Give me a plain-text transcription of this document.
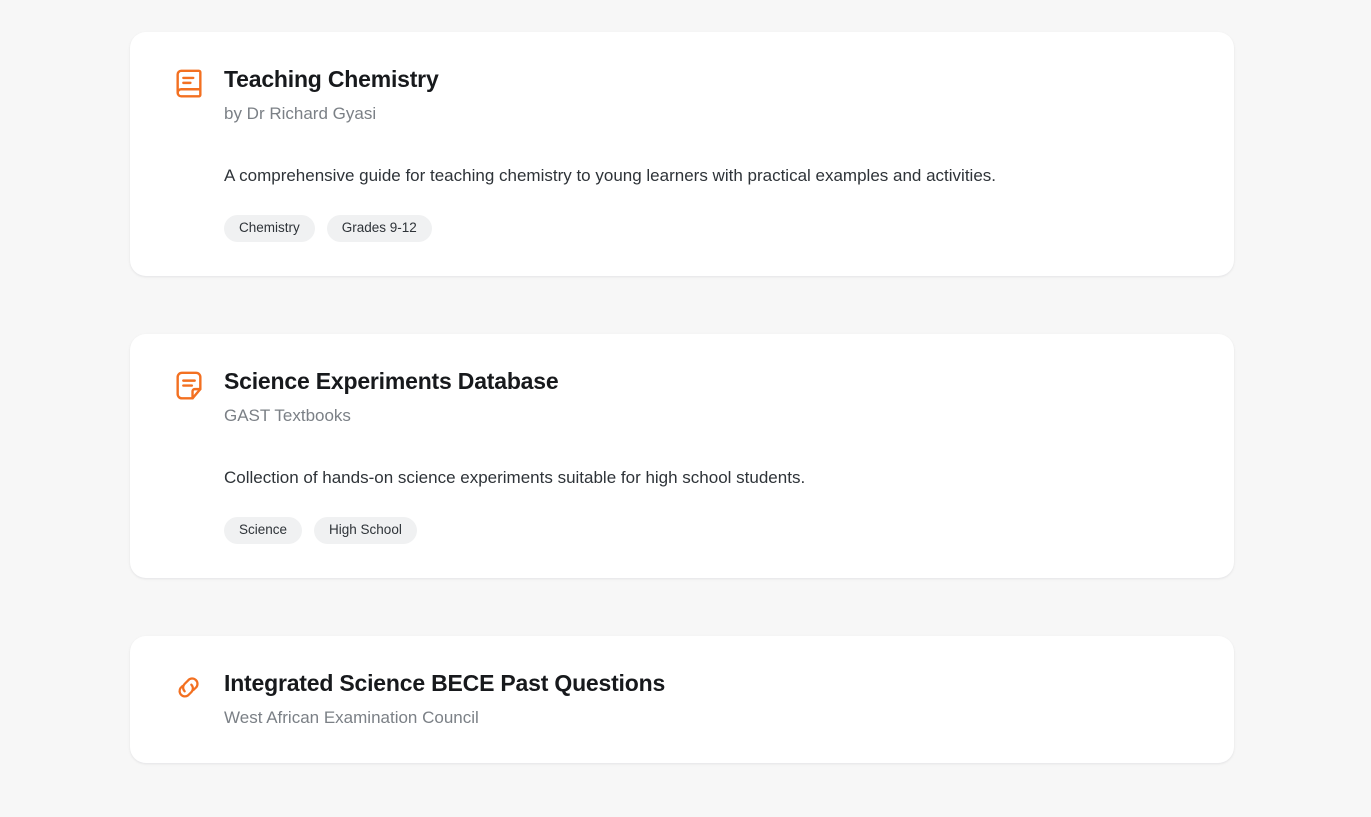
Teaching Chemistry
by Dr Richard Gyasi
A comprehensive guide for teaching chemistry to young learners with practical examples and activities.
Chemistry	Grades 9-12
Science Experiments Database
GAST Textbooks
Collection of hands-on science experiments suitable for high school students.
Science	High School
Integrated Science BECE Past Questions
West African Examination Council
